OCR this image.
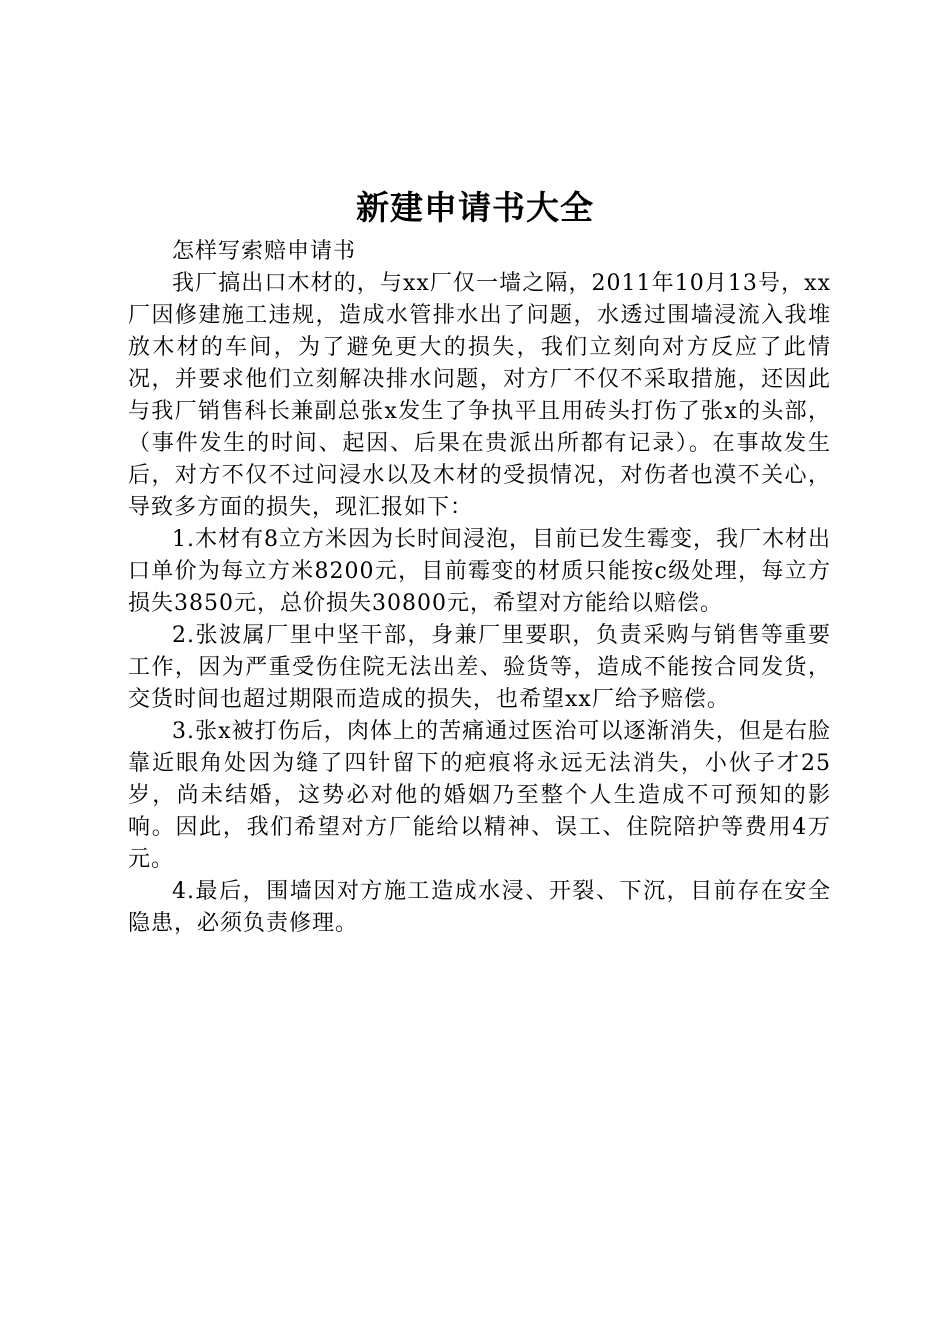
新建申请书大全

怎样写索赔申请书

我厂搞出口木材的，与xx厂仅一墙之隔，2011年10月13号，xx厂因修建施工违规，造成水管排水出了问题，水透过围墙浸流入我堆放木材的车间，为了避免更大的损失，我们立刻向对方反应了此情况，并要求他们立刻解决排水问题，对方厂不仅不采取措施，还因此与我厂销售科长兼副总张x发生了争执平且用砖头打伤了张x的头部，（事件发生的时间、起因、后果在贵派出所都有记录）。在事故发生后，对方不仅不过问浸水以及木材的受损情况，对伤者也漠不关心，导致多方面的损失，现汇报如下：

1.木材有8立方米因为长时间浸泡，目前已发生霉变，我厂木材出口单价为每立方米8200元，目前霉变的材质只能按c级处理，每立方损失3850元，总价损失30800元，希望对方能给以赔偿。

2.张波属厂里中坚干部，身兼厂里要职，负责采购与销售等重要工作，因为严重受伤住院无法出差、验货等，造成不能按合同发货，交货时间也超过期限而造成的损失，也希望xx厂给予赔偿。

3.张x被打伤后，肉体上的苦痛通过医治可以逐渐消失，但是右脸靠近眼角处因为缝了四针留下的疤痕将永远无法消失，小伙子才25岁，尚未结婚，这势必对他的婚姻乃至整个人生造成不可预知的影响。因此，我们希望对方厂能给以精神、误工、住院陪护等费用4万元。

4.最后，围墙因对方施工造成水浸、开裂、下沉，目前存在安全隐患，必须负责修理。
